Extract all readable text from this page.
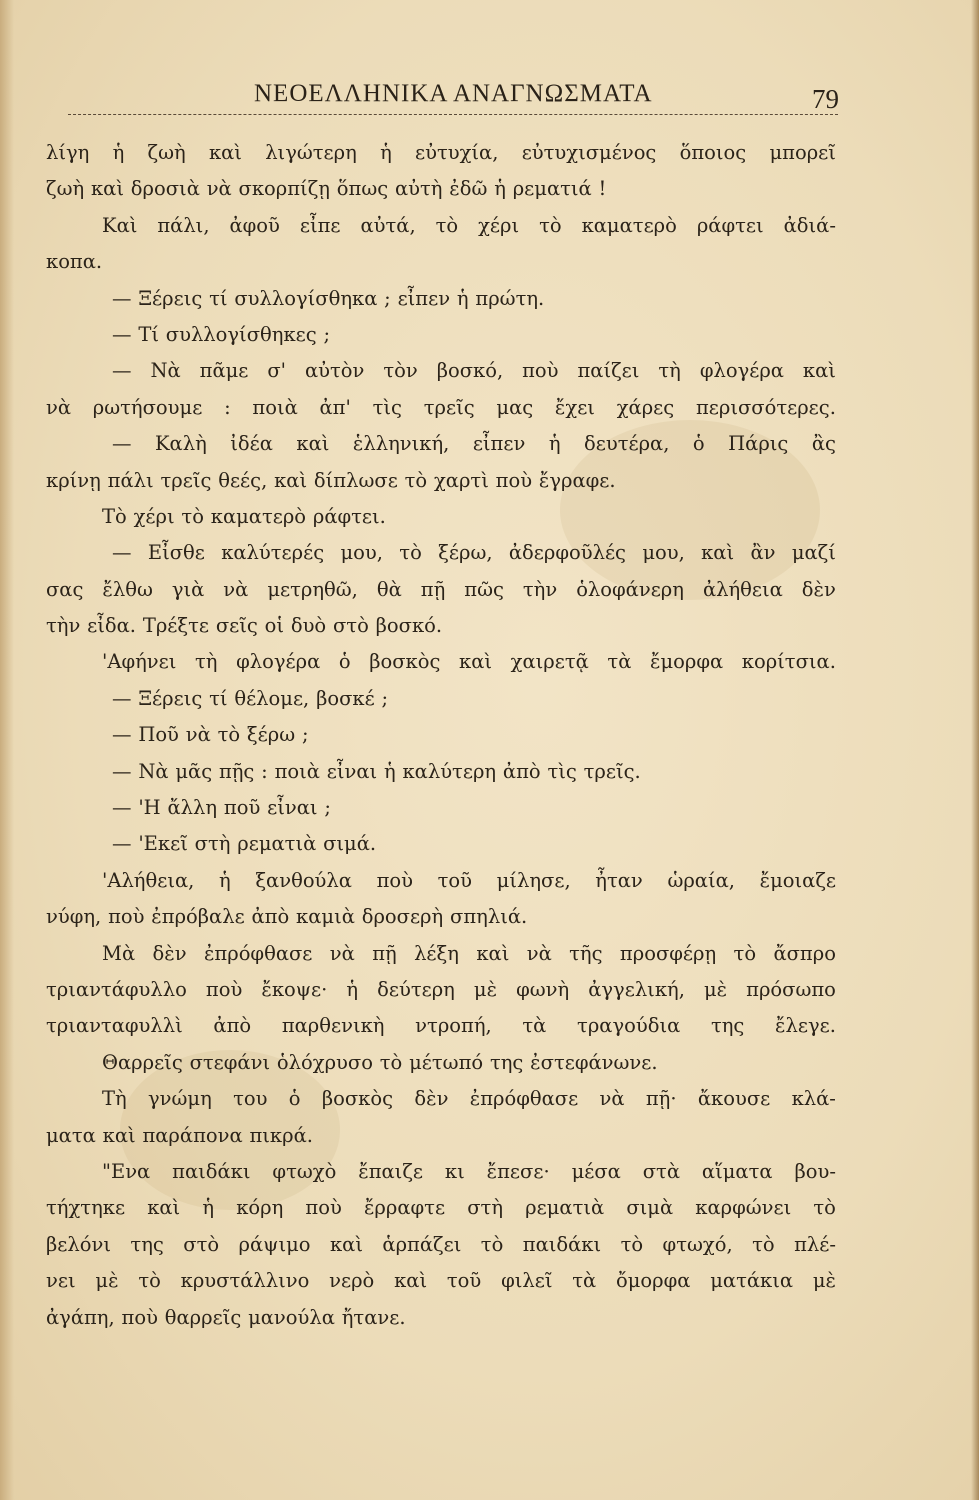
ΝΕΟΕΛΛΗΝΙΚΑ ΑΝΑΓΝΩΣΜΑΤΑ	79
λίγη ἡ ζωὴ καὶ λιγώτερη ἡ εὐτυχία, εὐτυχισμένος ὅποιος μπορεῖ
ζωὴ καὶ δροσιὰ νὰ σκορπίζῃ ὅπως αὐτὴ ἐδῶ ἡ ρεματιά !
Καὶ πάλι, ἀφοῦ εἶπε αὐτά, τὸ χέρι τὸ καματερὸ ράφτει ἀδιά-
κοπα.
— Ξέρεις τί συλλογίσθηκα ; εἶπεν ἡ πρώτη.
— Τί συλλογίσθηκες ;
— Νὰ πᾶμε σ' αὐτὸν τὸν βοσκό, ποὺ παίζει τὴ φλογέρα καὶ
νὰ ρωτήσουμε : ποιὰ ἀπ' τὶς τρεῖς μας ἔχει χάρες περισσότερες.
— Καλὴ ἰδέα καὶ ἑλληνική, εἶπεν ἡ δευτέρα, ὁ Πάρις ἂς
κρίνῃ πάλι τρεῖς θεές, καὶ δίπλωσε τὸ χαρτὶ ποὺ ἔγραφε.
Τὸ χέρι τὸ καματερὸ ράφτει.
— Εἶσθε καλύτερές μου, τὸ ξέρω, ἀδερφοῦλές μου, καὶ ἂν μαζί
σας ἔλθω γιὰ νὰ μετρηθῶ, θὰ πῇ πῶς τὴν ὁλοφάνερη ἀλήθεια δὲν
τὴν εἶδα. Τρέξτε σεῖς οἱ δυὸ στὸ βοσκό.
'Αφήνει τὴ φλογέρα ὁ βοσκὸς καὶ χαιρετᾷ τὰ ἔμορφα κορίτσια.
— Ξέρεις τί θέλομε, βοσκέ ;
— Ποῦ νὰ τὸ ξέρω ;
— Νὰ μᾶς πῇς : ποιὰ εἶναι ἡ καλύτερη ἀπὸ τὶς τρεῖς.
— 'Η ἄλλη ποῦ εἶναι ;
— 'Εκεῖ στὴ ρεματιὰ σιμά.
'Αλήθεια, ἡ ξανθούλα ποὺ τοῦ μίλησε, ἦταν ὡραία, ἔμοιαζε
νύφη, ποὺ ἐπρόβαλε ἀπὸ καμιὰ δροσερὴ σπηλιά.
Μὰ δὲν ἐπρόφθασε νὰ πῇ λέξη καὶ νὰ τῆς προσφέρῃ τὸ ἄσπρο
τριαντάφυλλο ποὺ ἔκοψε· ἡ δεύτερη μὲ φωνὴ ἀγγελική, μὲ πρόσωπο
τριανταφυλλὶ ἀπὸ παρθενικὴ ντροπή, τὰ τραγούδια της ἔλεγε.
Θαρρεῖς στεφάνι ὁλόχρυσο τὸ μέτωπό της ἐστεφάνωνε.
Τὴ γνώμη του ὁ βοσκὸς δὲν ἐπρόφθασε νὰ πῇ· ἄκουσε κλά-
ματα καὶ παράπονα πικρά.
"Ενα παιδάκι φτωχὸ ἔπαιζε κι ἔπεσε· μέσα στὰ αἵματα βου-
τήχτηκε καὶ ἡ κόρη ποὺ ἔρραφτε στὴ ρεματιὰ σιμὰ καρφώνει τὸ
βελόνι της στὸ ράψιμο καὶ ἁρπάζει τὸ παιδάκι τὸ φτωχό, τὸ πλέ-
νει μὲ τὸ κρυστάλλινο νερὸ καὶ τοῦ φιλεῖ τὰ ὄμορφα ματάκια μὲ
ἀγάπη, ποὺ θαρρεῖς μανούλα ἤτανε.
